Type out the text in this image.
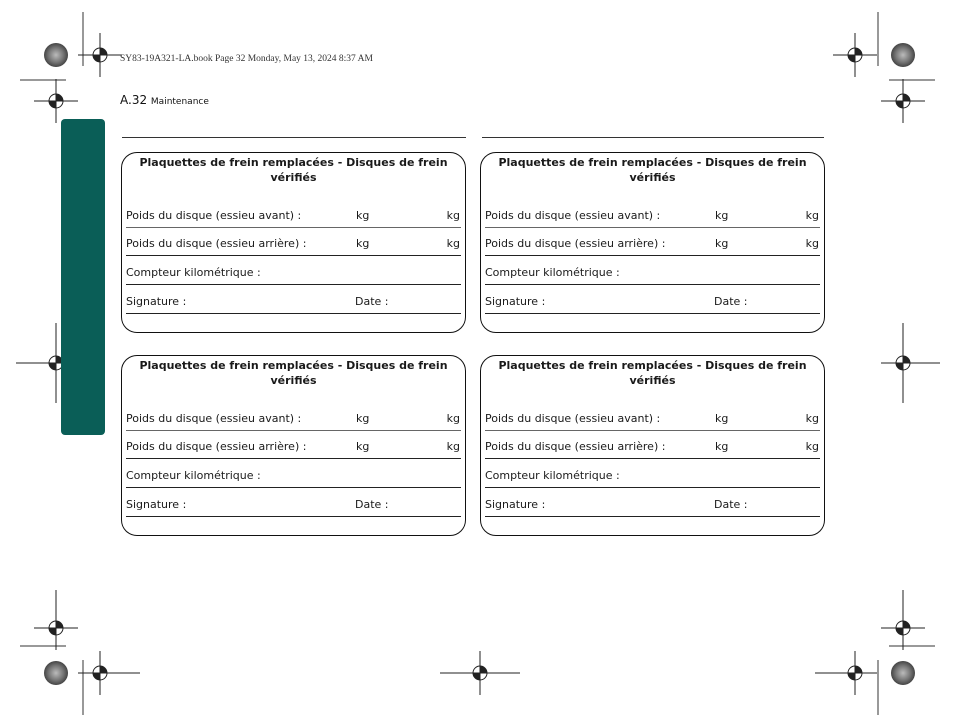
SY83-19A321-LA.book Page 32 Monday, May 13, 2024 8:37 AM
A.32 Maintenance
Plaquettes de frein remplacées - Disques de frein vérifiés
Poids du disque (essieu avant) :	kg	kg
Poids du disque (essieu arrière) :	kg	kg
Compteur kilométrique :
Signature :	Date :
Plaquettes de frein remplacées - Disques de frein vérifiés
Poids du disque (essieu avant) :	kg	kg
Poids du disque (essieu arrière) :	kg	kg
Compteur kilométrique :
Signature :	Date :
Plaquettes de frein remplacées - Disques de frein vérifiés
Poids du disque (essieu avant) :	kg	kg
Poids du disque (essieu arrière) :	kg	kg
Compteur kilométrique :
Signature :	Date :
Plaquettes de frein remplacées - Disques de frein vérifiés
Poids du disque (essieu avant) :	kg	kg
Poids du disque (essieu arrière) :	kg	kg
Compteur kilométrique :
Signature :	Date :
